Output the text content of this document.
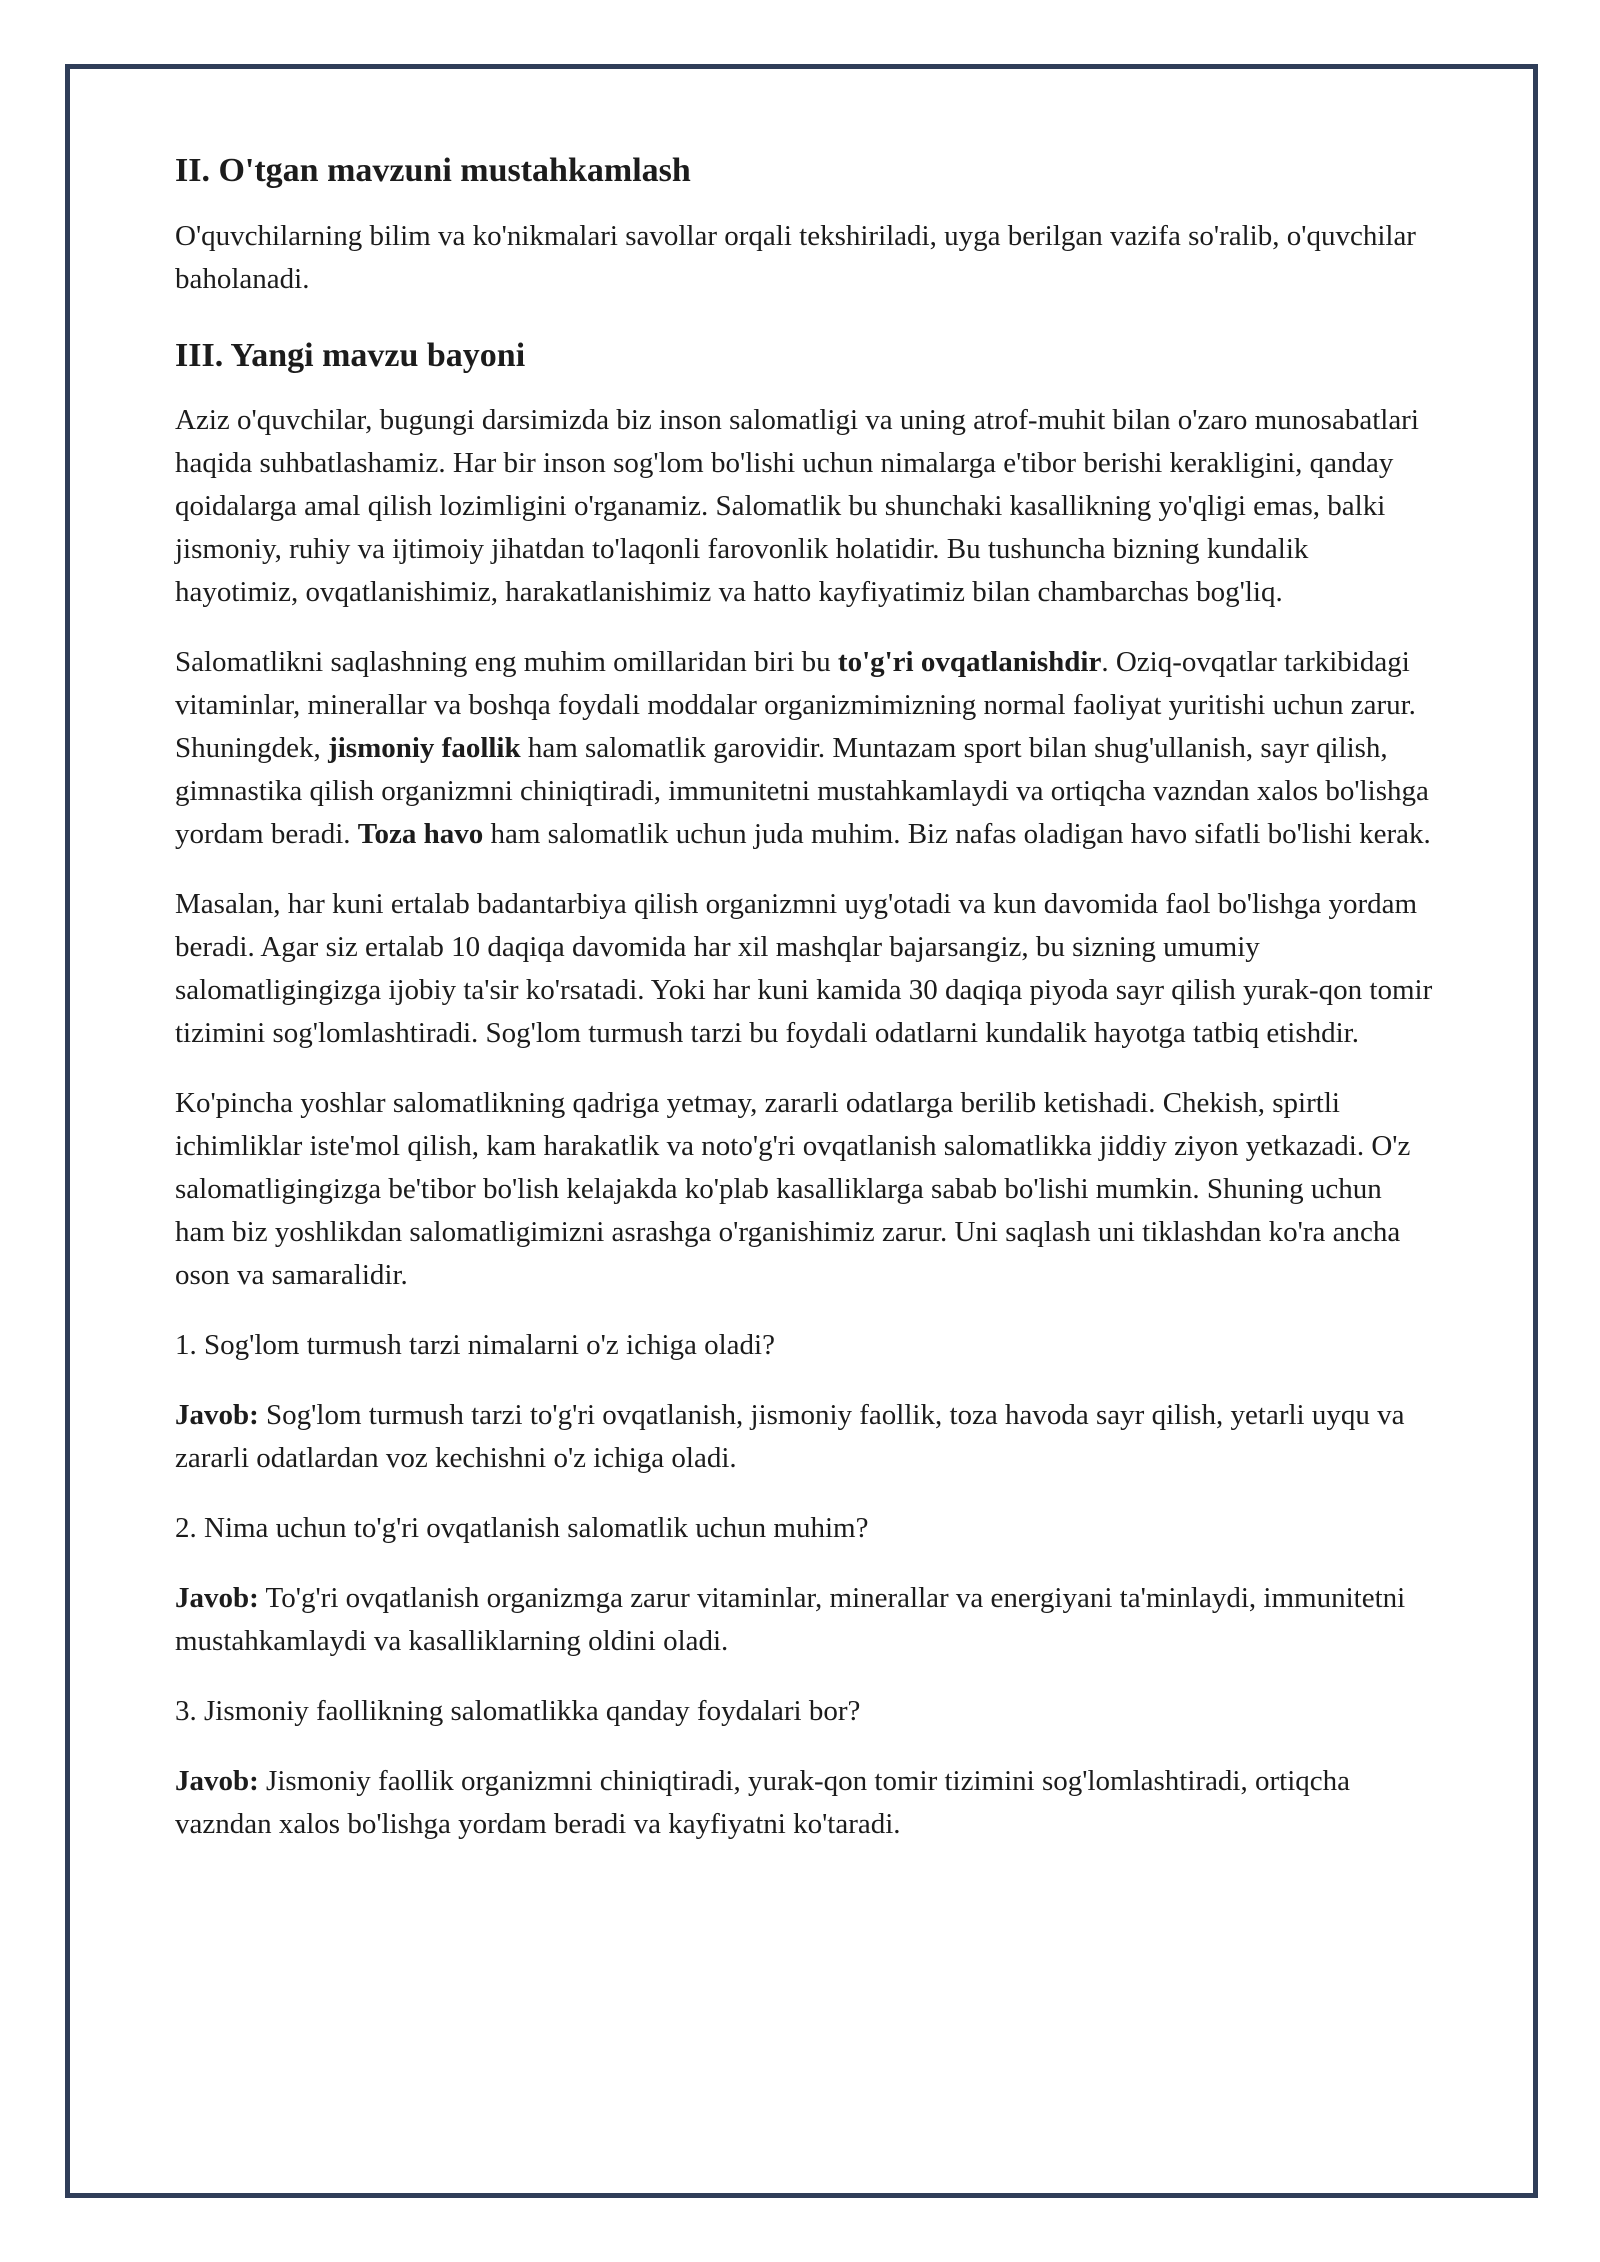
II. O'tgan mavzuni mustahkamlash

O'quvchilarning bilim va ko'nikmalari savollar orqali tekshiriladi, uyga berilgan vazifa so'ralib, o'quvchilar baholanadi.

III. Yangi mavzu bayoni

Aziz o'quvchilar, bugungi darsimizda biz inson salomatligi va uning atrof-muhit bilan o'zaro munosabatlari haqida suhbatlashamiz. Har bir inson sog'lom bo'lishi uchun nimalarga e'tibor berishi kerakligini, qanday qoidalarga amal qilish lozimligini o'rganamiz. Salomatlik bu shunchaki kasallikning yo'qligi emas, balki jismoniy, ruhiy va ijtimoiy jihatdan to'laqonli farovonlik holatidir. Bu tushuncha bizning kundalik hayotimiz, ovqatlanishimiz, harakatlanishimiz va hatto kayfiyatimiz bilan chambarchas bog'liq.

Salomatlikni saqlashning eng muhim omillaridan biri bu to'g'ri ovqatlanishdir. Oziq-ovqatlar tarkibidagi vitaminlar, minerallar va boshqa foydali moddalar organizmimizning normal faoliyat yuritishi uchun zarur. Shuningdek, jismoniy faollik ham salomatlik garovidir. Muntazam sport bilan shug'ullanish, sayr qilish, gimnastika qilish organizmni chiniqtiradi, immunitetni mustahkamlaydi va ortiqcha vazndan xalos bo'lishga yordam beradi. Toza havo ham salomatlik uchun juda muhim. Biz nafas oladigan havo sifatli bo'lishi kerak.

Masalan, har kuni ertalab badantarbiya qilish organizmni uyg'otadi va kun davomida faol bo'lishga yordam beradi. Agar siz ertalab 10 daqiqa davomida har xil mashqlar bajarsangiz, bu sizning umumiy salomatligingizga ijobiy ta'sir ko'rsatadi. Yoki har kuni kamida 30 daqiqa piyoda sayr qilish yurak-qon tomir tizimini sog'lomlashtiradi. Sog'lom turmush tarzi bu foydali odatlarni kundalik hayotga tatbiq etishdir.

Ko'pincha yoshlar salomatlikning qadriga yetmay, zararli odatlarga berilib ketishadi. Chekish, spirtli ichimliklar iste'mol qilish, kam harakatlik va noto'g'ri ovqatlanish salomatlikka jiddiy ziyon yetkazadi. O'z salomatligingizga be'tibor bo'lish kelajakda ko'plab kasalliklarga sabab bo'lishi mumkin. Shuning uchun ham biz yoshlikdan salomatligimizni asrashga o'rganishimiz zarur. Uni saqlash uni tiklashdan ko'ra ancha oson va samaralidir.

1. Sog'lom turmush tarzi nimalarni o'z ichiga oladi?

Javob: Sog'lom turmush tarzi to'g'ri ovqatlanish, jismoniy faollik, toza havoda sayr qilish, yetarli uyqu va zararli odatlardan voz kechishni o'z ichiga oladi.

2. Nima uchun to'g'ri ovqatlanish salomatlik uchun muhim?

Javob: To'g'ri ovqatlanish organizmga zarur vitaminlar, minerallar va energiyani ta'minlaydi, immunitetni mustahkamlaydi va kasalliklarning oldini oladi.

3. Jismoniy faollikning salomatlikka qanday foydalari bor?

Javob: Jismoniy faollik organizmni chiniqtiradi, yurak-qon tomir tizimini sog'lomlashtiradi, ortiqcha vazndan xalos bo'lishga yordam beradi va kayfiyatni ko'taradi.
